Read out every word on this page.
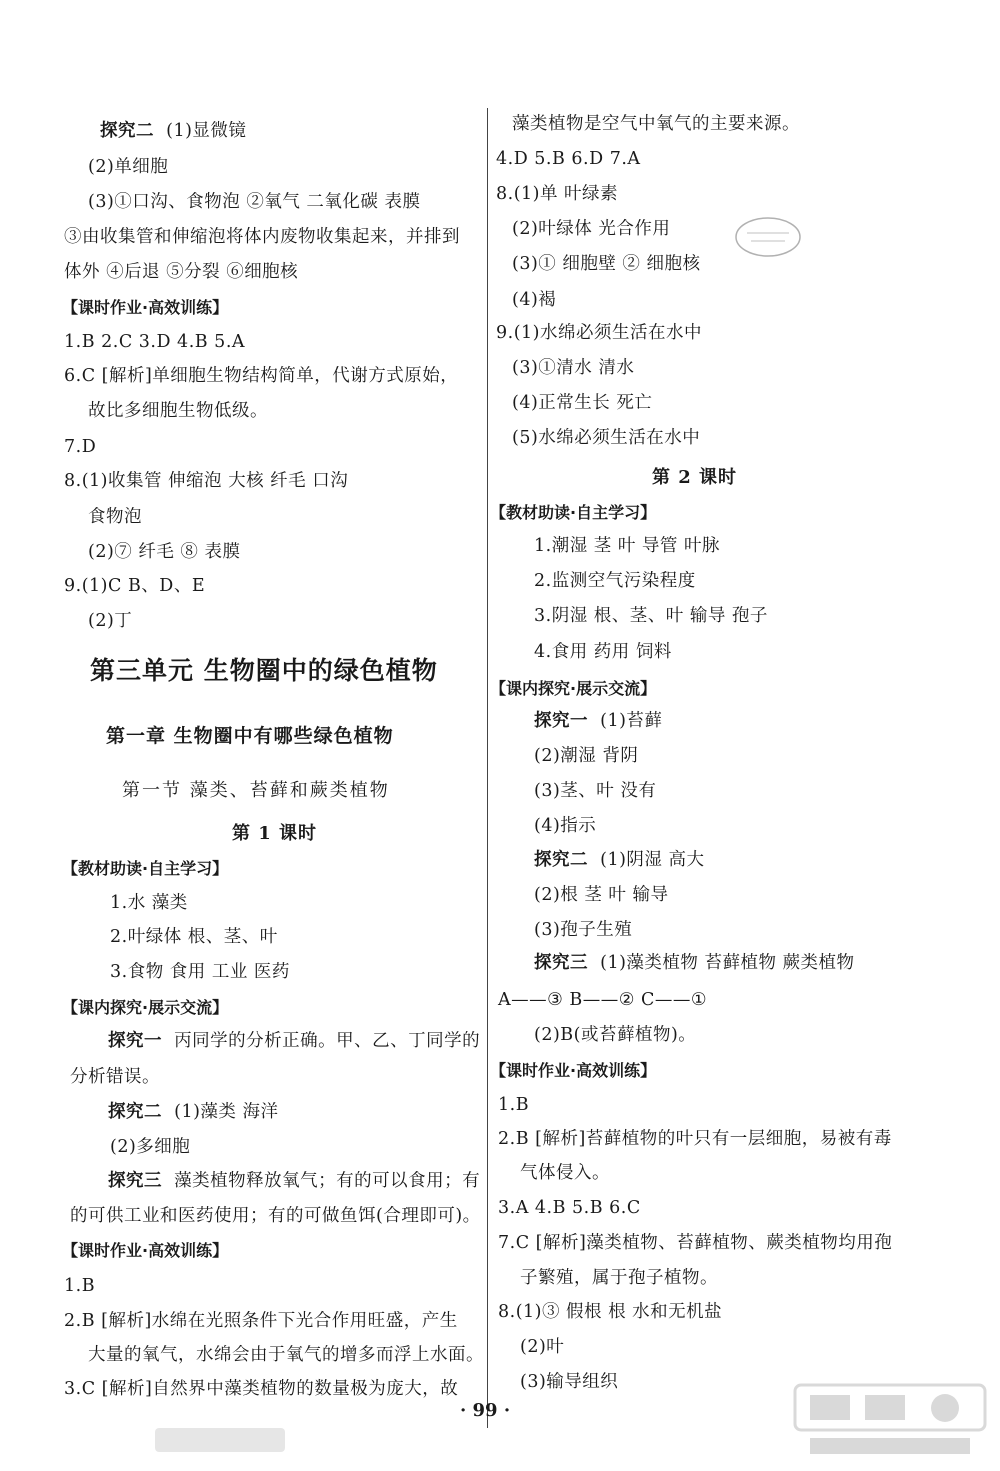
探究二 (1)显微镜
(2)单细胞
(3)①口沟、食物泡 ②氧气 二氧化碳 表膜
③由收集管和伸缩泡将体内废物收集起来，并排到
体外 ④后退 ⑤分裂 ⑥细胞核
【课时作业·高效训练】
1.B 2.C 3.D 4.B 5.A
6.C [解析]单细胞生物结构简单，代谢方式原始，
故比多细胞生物低级。
7.D
8.(1)收集管 伸缩泡 大核 纤毛 口沟
食物泡
(2)⑦ 纤毛 ⑧ 表膜
9.(1)C B、D、E
(2)丁
第三单元 生物圈中的绿色植物
第一章 生物圈中有哪些绿色植物
第一节 藻类、苔藓和蕨类植物
第 1 课时
【教材助读·自主学习】
1.水 藻类
2.叶绿体 根、茎、叶
3.食物 食用 工业 医药
【课内探究·展示交流】
探究一 丙同学的分析正确。甲、乙、丁同学的
分析错误。
探究二 (1)藻类 海洋
(2)多细胞
探究三 藻类植物释放氧气；有的可以食用；有
的可供工业和医药使用；有的可做鱼饵(合理即可)。
【课时作业·高效训练】
1.B
2.B [解析]水绵在光照条件下光合作用旺盛，产生
大量的氧气，水绵会由于氧气的增多而浮上水面。
3.C [解析]自然界中藻类植物的数量极为庞大，故
藻类植物是空气中氧气的主要来源。
4.D 5.B 6.D 7.A
8.(1)单 叶绿素
(2)叶绿体 光合作用
(3)① 细胞壁 ② 细胞核
(4)褐
9.(1)水绵必须生活在水中
(3)①清水 清水
(4)正常生长 死亡
(5)水绵必须生活在水中
第 2 课时
【教材助读·自主学习】
1.潮湿 茎 叶 导管 叶脉
2.监测空气污染程度
3.阴湿 根、茎、叶 输导 孢子
4.食用 药用 饲料
【课内探究·展示交流】
探究一 (1)苔藓
(2)潮湿 背阴
(3)茎、叶 没有
(4)指示
探究二 (1)阴湿 高大
(2)根 茎 叶 输导
(3)孢子生殖
探究三 (1)藻类植物 苔藓植物 蕨类植物
A——③ B——② C——①
(2)B(或苔藓植物)。
【课时作业·高效训练】
1.B
2.B [解析]苔藓植物的叶只有一层细胞，易被有毒
气体侵入。
3.A 4.B 5.B 6.C
7.C [解析]藻类植物、苔藓植物、蕨类植物均用孢
子繁殖，属于孢子植物。
8.(1)③ 假根 根 水和无机盐
(2)叶
(3)输导组织
· 99 ·
